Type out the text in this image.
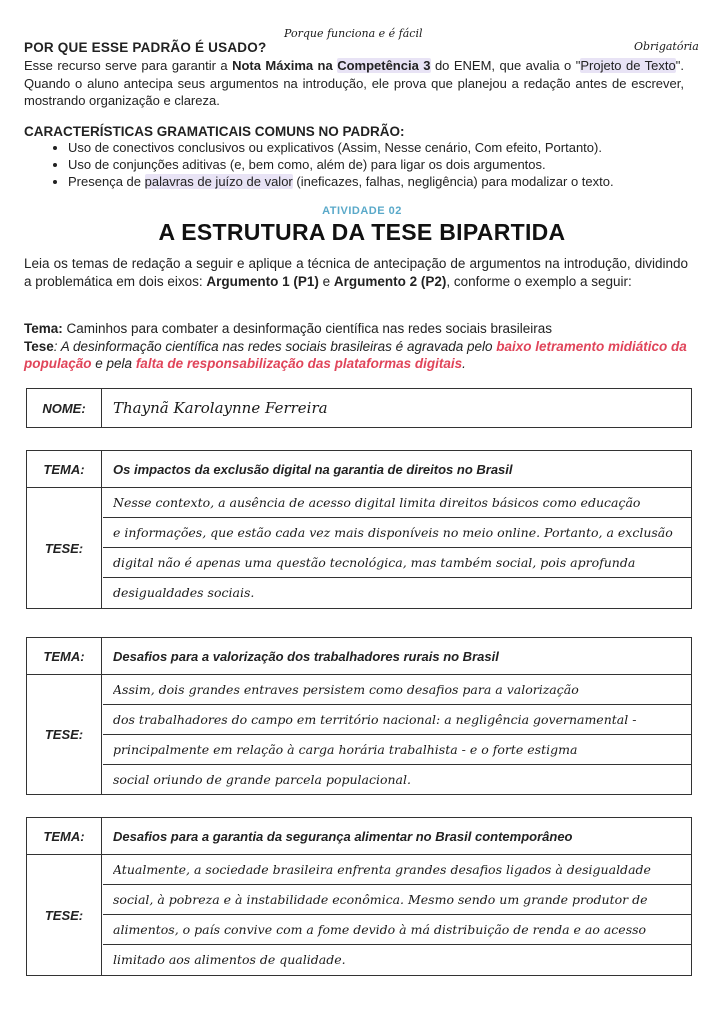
Porque funciona e é fácil
Obrigatória
POR QUE ESSE PADRÃO É USADO?
Esse recurso serve para garantir a Nota Máxima na Competência 3 do ENEM, que avalia o "Projeto de Texto". Quando o aluno antecipa seus argumentos na introdução, ele prova que planejou a redação antes de escrever, mostrando organização e clareza.
CARACTERÍSTICAS GRAMATICAIS COMUNS NO PADRÃO:
• Uso de conectivos conclusivos ou explicativos (Assim, Nesse cenário, Com efeito, Portanto).
• Uso de conjunções aditivas (e, bem como, além de) para ligar os dois argumentos.
• Presença de palavras de juízo de valor (ineficazes, falhas, negligência) para modalizar o texto.
ATIVIDADE 02
A ESTRUTURA DA TESE BIPARTIDA
Leia os temas de redação a seguir e aplique a técnica de antecipação de argumentos na introdução, dividindo a problemática em dois eixos: Argumento 1 (P1) e Argumento 2 (P2), conforme o exemplo a seguir:
Tema: Caminhos para combater a desinformação científica nas redes sociais brasileiras
Tese: A desinformação científica nas redes sociais brasileiras é agravada pelo baixo letramento midiático da população e pela falta de responsabilização das plataformas digitais.
NOME:	Thaynã Karolaynne Ferreira
TEMA:	Os impactos da exclusão digital na garantia de direitos no Brasil
TESE:
Nesse contexto, a ausência de acesso digital limita direitos básicos como educação
e informações, que estão cada vez mais disponíveis no meio online. Portanto, a exclusão
digital não é apenas uma questão tecnológica, mas também social, pois aprofunda
desigualdades sociais.
TEMA:	Desafios para a valorização dos trabalhadores rurais no Brasil
TESE:
Assim, dois grandes entraves persistem como desafios para a valorização
dos trabalhadores do campo em território nacional: a negligência governamental -
principalmente em relação à carga horária trabalhista - e o forte estigma
social oriundo de grande parcela populacional.
TEMA:	Desafios para a garantia da segurança alimentar no Brasil contemporâneo
TESE:
Atualmente, a sociedade brasileira enfrenta grandes desafios ligados à desigualdade
social, à pobreza e à instabilidade econômica. Mesmo sendo um grande produtor de
alimentos, o país convive com a fome devido à má distribuição de renda e ao acesso
limitado aos alimentos de qualidade.
